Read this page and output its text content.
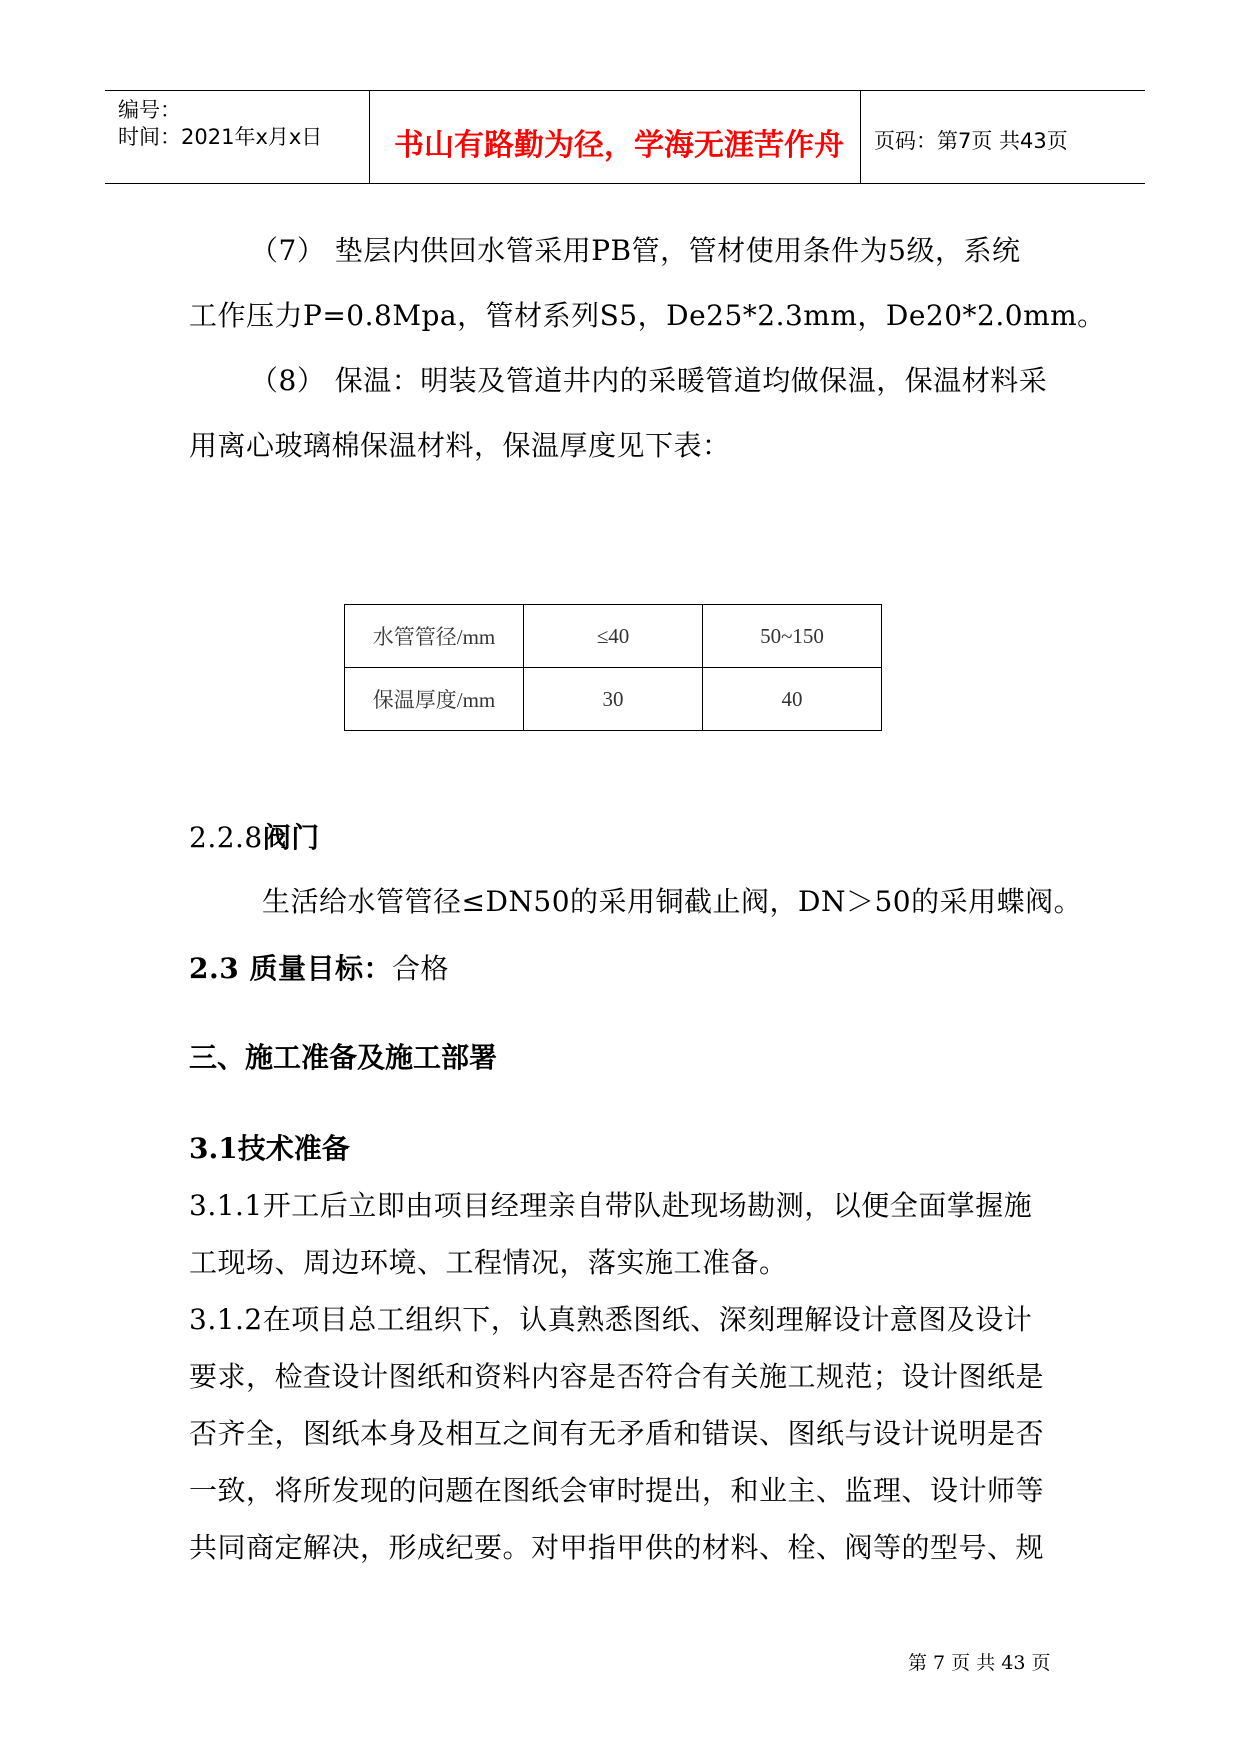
编号：
时间：2021年x月x日 书山有路勤为径，学海无涯苦作舟 页码：第7页 共43页
（7） 垫层内供回水管采用PB管，管材使用条件为5级，系统
工作压力P=0.8Mpa，管材系列S5，De25*2.3mm，De20*2.0mm。
（8） 保温：明装及管道井内的采暖管道均做保温，保温材料采
用离心玻璃棉保温材料，保温厚度见下表：
水管管径/mm	≤40	50~150
保温厚度/mm	30	40
2.2.8阀门
生活给水管管径≤DN50的采用铜截止阀，DN＞50的采用蝶阀。
2.3 质量目标：合格
三、施工准备及施工部署
3.1技术准备
3.1.1开工后立即由项目经理亲自带队赴现场勘测，以便全面掌握施
工现场、周边环境、工程情况，落实施工准备。
3.1.2在项目总工组织下，认真熟悉图纸、深刻理解设计意图及设计
要求，检查设计图纸和资料内容是否符合有关施工规范；设计图纸是
否齐全，图纸本身及相互之间有无矛盾和错误、图纸与设计说明是否
一致，将所发现的问题在图纸会审时提出，和业主、监理、设计师等
共同商定解决，形成纪要。对甲指甲供的材料、栓、阀等的型号、规
第 7 页 共 43 页
